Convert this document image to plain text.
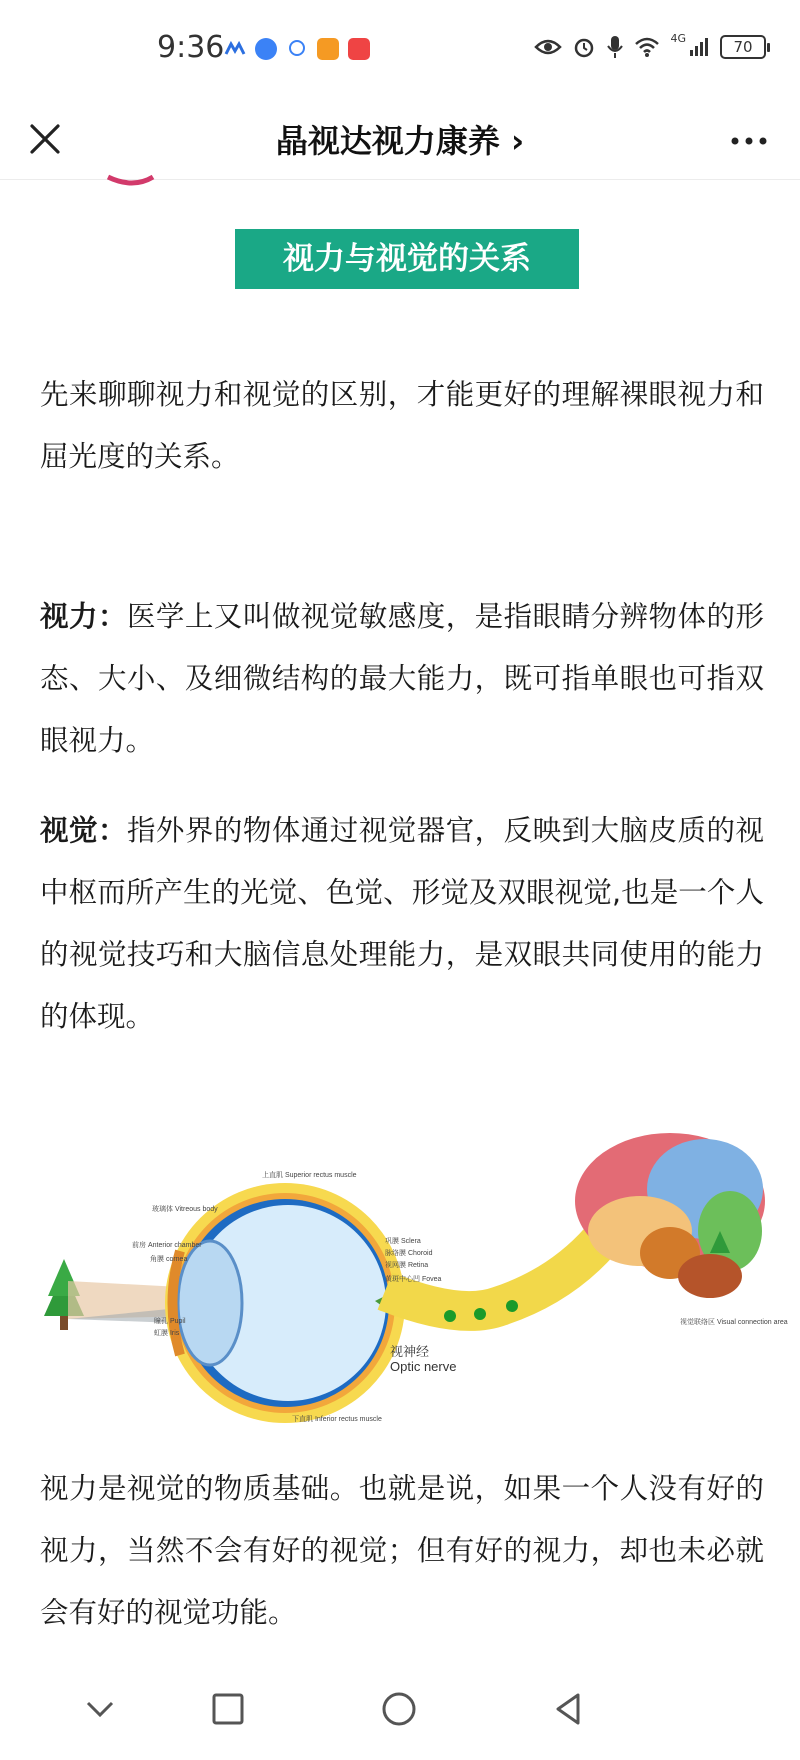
9:36	4G	70
晶视达视力康养 ›
视力与视觉的关系

先来聊聊视力和视觉的区别，才能更好的理解裸眼视力和屈光度的关系。

视力：医学上又叫做视觉敏感度，是指眼睛分辨物体的形态、大小、及细微结构的最大能力，既可指单眼也可指双眼视力。

视觉：指外界的物体通过视觉器官，反映到大脑皮质的视中枢而所产生的光觉、色觉、形觉及双眼视觉,也是一个人的视觉技巧和大脑信息处理能力，是双眼共同使用的能力的体现。

上直肌 Superior rectus muscle
玻璃体 Vitreous body
前房 Anterior chamber
角膜 cornea
瞳孔 Pupil
虹膜 Iris
巩膜 Sclera
脉络膜 Choroid
视网膜 Retina
黄斑中心凹 Fovea
下直肌 Inferior rectus muscle
视觉联络区 Visual connection area
视神经
Optic nerve

视力是视觉的物质基础。也就是说，如果一个人没有好的视力，当然不会有好的视觉；但有好的视力，却也未必就会有好的视觉功能。
